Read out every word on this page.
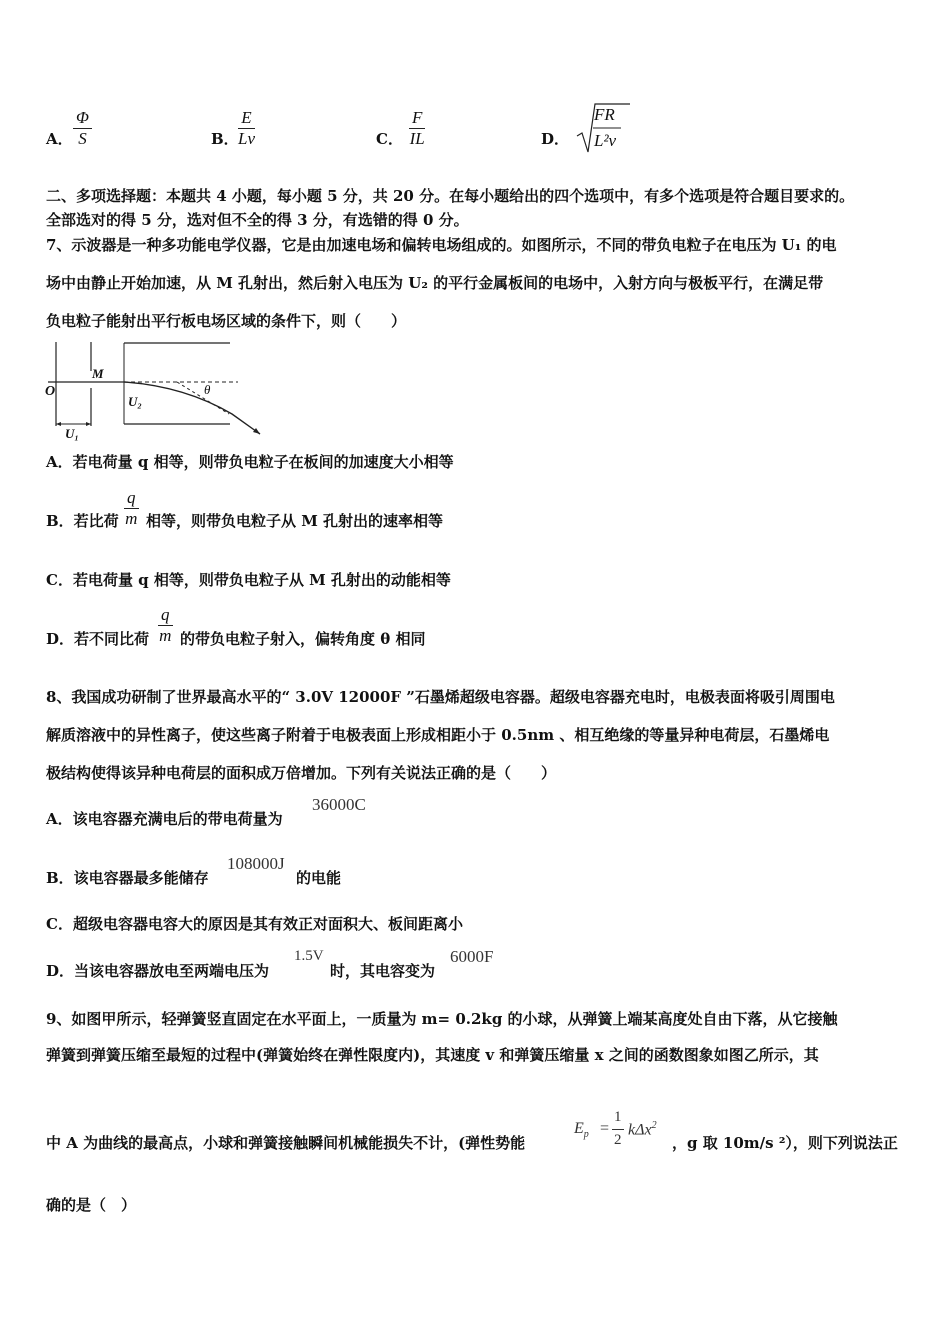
A． $\frac{\Phi}{S}$	B． $\frac{E}{Lv}$	C． $\frac{F}{IL}$	D．
FR
L²v
二、多项选择题：本题共 4 小题，每小题 5 分，共 20 分。在每小题给出的四个选项中，有多个选项是符合题目要求的。
全部选对的得 5 分，选对但不全的得 3 分，有选错的得 0 分。
7、示波器是一种多功能电学仪器，它是由加速电场和偏转电场组成的。如图所示，不同的带负电粒子在电压为 U₁ 的电
场中由静止开始加速，从 M 孔射出，然后射入电压为 U₂ 的平行金属板间的电场中，入射方向与极板平行，在满足带
负电粒子能射出平行板电场区域的条件下，则（　　）
O
M
U₁
U₂
θ
A．若电荷量 q 相等，则带负电粒子在板间的加速度大小相等
B．若比荷 $\frac{q}{m}$ 相等，则带负电粒子从 M 孔射出的速率相等
C．若电荷量 q 相等，则带负电粒子从 M 孔射出的动能相等
D．若不同比荷 $\frac{q}{m}$ 的带负电粒子射入，偏转角度 θ 相同
8、我国成功研制了世界最高水平的“ 3.0V 12000F ”石墨烯超级电容器。超级电容器充电时，电极表面将吸引周围电
解质溶液中的异性离子，使这些离子附着于电极表面上形成相距小于 0.5nm 、相互绝缘的等量异种电荷层，石墨烯电
极结构使得该异种电荷层的面积成万倍增加。下列有关说法正确的是（　　）
A．该电容器充满电后的带电荷量为
36000C
B．该电容器最多能储存
108000J
的电能
C．超级电容器电容大的原因是其有效正对面积大、板间距离小
D．当该电容器放电至两端电压为
1.5V
时，其电容变为
6000F
9、如图甲所示，轻弹簧竖直固定在水平面上，一质量为 m= 0.2kg 的小球，从弹簧上端某高度处自由下落，从它接触
弹簧到弹簧压缩至最短的过程中(弹簧始终在弹性限度内)，其速度 v 和弹簧压缩量 x 之间的函数图象如图乙所示，其
中 A 为曲线的最高点，小球和弹簧接触瞬间机械能损失不计，(弹性势能
$E_p$ =
1
2
kΔx$^2$
，g 取 10m/s ²），则下列说法正
确的是（　）
